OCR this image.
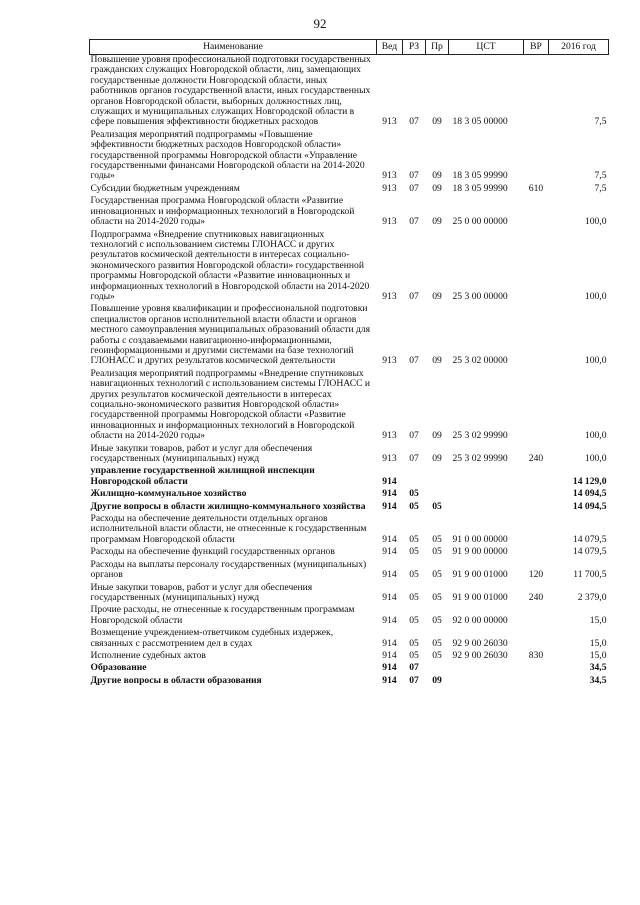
92
Наименование	Вед	РЗ	Пр	ЦСТ	ВР	2016 год
Повышение уровня профессиональной подготовки государственных гражданских служащих Новгородской области, лиц, замещающих государственные должности Новгородской области, иных работников органов государственной власти, иных государственных органов Новгородской области, выборных должностных лиц, служащих и муниципальных служащих Новгородской области в сфере повышения эффективности бюджетных расходов	913	07	09	18 3 05 00000		7,5
Реализация мероприятий подпрограммы «Повышение эффективности бюджетных расходов Новгородской области» государственной программы Новгородской области «Управление государственными финансами Новгородской области на 2014-2020 годы»	913	07	09	18 3 05 99990		7,5
Субсидии бюджетным учреждениям	913	07	09	18 3 05 99990	610	7,5
Государственная программа Новгородской области «Развитие инновационных и информационных технологий в Новгородской области на 2014-2020 годы»	913	07	09	25 0 00 00000		100,0
Подпрограмма «Внедрение спутниковых навигационных технологий с использованием системы ГЛОНАСС и других результатов космической деятельности в интересах социально-экономического развития Новгородской области» государственной программы Новгородской области «Развитие инновационных и информационных технологий в Новгородской области на 2014-2020 годы»	913	07	09	25 3 00 00000		100,0
Повышение уровня квалификации и профессиональной подготовки специалистов органов исполнительной власти области и органов местного самоуправления муниципальных образований области для работы с создаваемыми навигационно-информационными, геоинформационными и другими системами на базе технологий ГЛОНАСС и других результатов космической деятельности	913	07	09	25 3 02 00000		100,0
Реализация мероприятий подпрограммы «Внедрение спутниковых навигационных технологий с использованием системы ГЛОНАСС и других результатов космической деятельности в интересах социально-экономического развития Новгородской области» государственной программы Новгородской области «Развитие инновационных и информационных технологий в Новгородской области на 2014-2020 годы»	913	07	09	25 3 02 99990		100,0
Иные закупки товаров, работ и услуг для обеспечения государственных (муниципальных) нужд	913	07	09	25 3 02 99990	240	100,0
управление государственной жилищной инспекции Новгородской области	914					14 129,0
Жилищно-коммунальное хозяйство	914	05				14 094,5
Другие вопросы в области жилищно-коммунального хозяйства	914	05	05			14 094,5
Расходы на обеспечение деятельности отдельных органов исполнительной власти области, не отнесенные к государственным программам Новгородской области	914	05	05	91 0 00 00000		14 079,5
Расходы на обеспечение функций государственных органов	914	05	05	91 9 00 00000		14 079,5
Расходы на выплаты персоналу государственных (муниципальных) органов	914	05	05	91 9 00 01000	120	11 700,5
Иные закупки товаров, работ и услуг для обеспечения государственных (муниципальных) нужд	914	05	05	91 9 00 01000	240	2 379,0
Прочие расходы, не отнесенные к государственным программам Новгородской области	914	05	05	92 0 00 00000		15,0
Возмещение учреждением-ответчиком судебных издержек, связанных с рассмотрением дел в судах	914	05	05	92 9 00 26030		15,0
Исполнение судебных актов	914	05	05	92 9 00 26030	830	15,0
Образование	914	07				34,5
Другие вопросы в области образования	914	07	09			34,5
